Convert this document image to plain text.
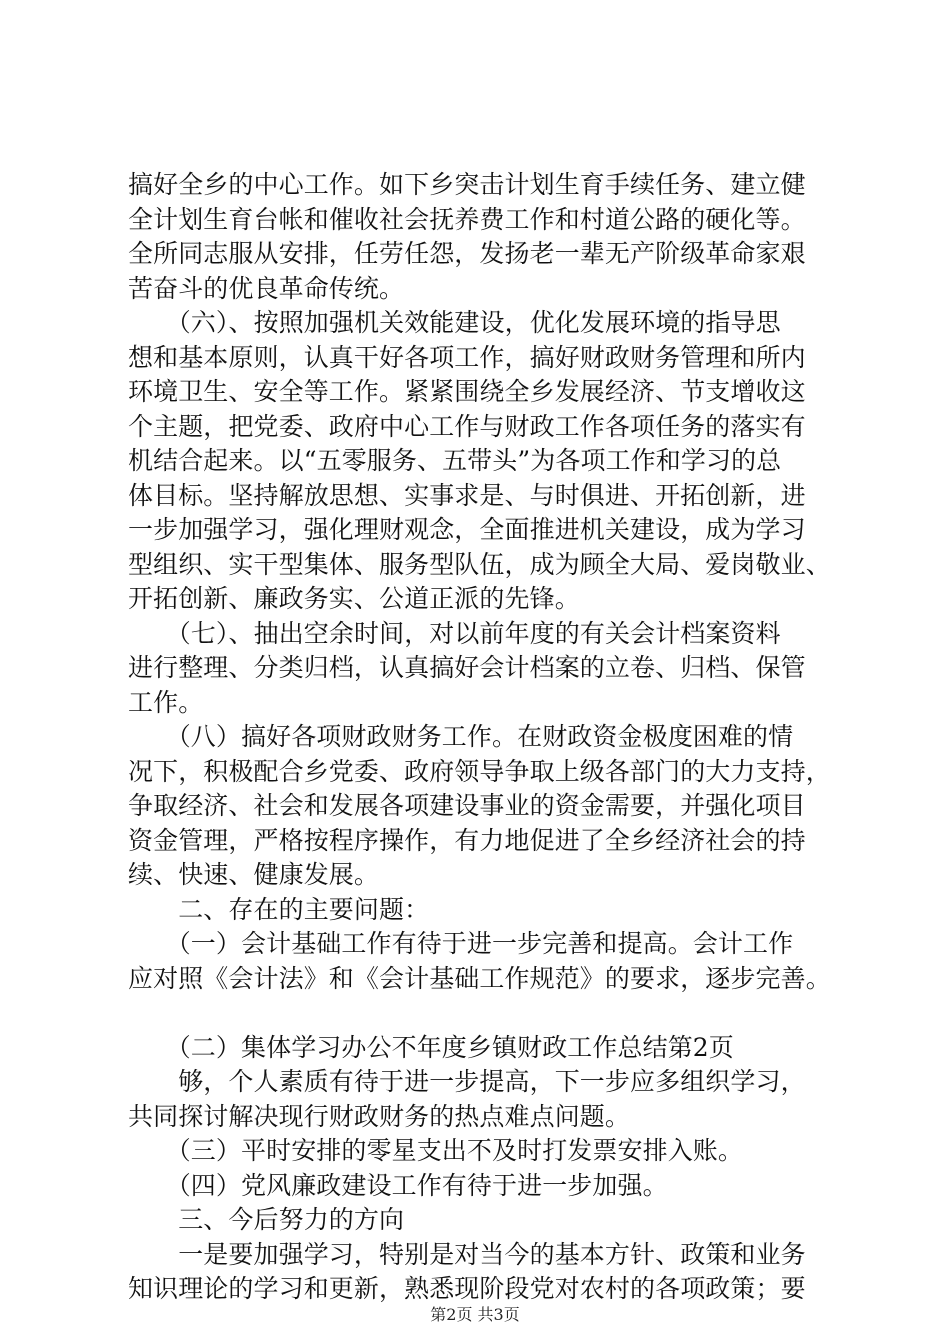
搞好全乡的中心工作。如下乡突击计划生育手续任务、建立健
全计划生育台帐和催收社会抚养费工作和村道公路的硬化等。
全所同志服从安排，任劳任怨，发扬老一辈无产阶级革命家艰
苦奋斗的优良革命传统。
　　（六）、按照加强机关效能建设，优化发展环境的指导思
想和基本原则，认真干好各项工作，搞好财政财务管理和所内
环境卫生、安全等工作。紧紧围绕全乡发展经济、节支增收这
个主题，把党委、政府中心工作与财政工作各项任务的落实有
机结合起来。以“五零服务、五带头”为各项工作和学习的总
体目标。坚持解放思想、实事求是、与时俱进、开拓创新，进
一步加强学习，强化理财观念，全面推进机关建设，成为学习
型组织、实干型集体、服务型队伍，成为顾全大局、爱岗敬业、
开拓创新、廉政务实、公道正派的先锋。
　　（七）、抽出空余时间，对以前年度的有关会计档案资料
进行整理、分类归档，认真搞好会计档案的立卷、归档、保管
工作。
　　（八）搞好各项财政财务工作。在财政资金极度困难的情
况下，积极配合乡党委、政府领导争取上级各部门的大力支持，
争取经济、社会和发展各项建设事业的资金需要，并强化项目
资金管理，严格按程序操作，有力地促进了全乡经济社会的持
续、快速、健康发展。
　　二、存在的主要问题：
　　（一）会计基础工作有待于进一步完善和提高。会计工作
应对照《会计法》和《会计基础工作规范》的要求，逐步完善。
　　（二）集体学习办公不年度乡镇财政工作总结第2页
　　够，个人素质有待于进一步提高，下一步应多组织学习，
共同探讨解决现行财政财务的热点难点问题。
　　（三）平时安排的零星支出不及时打发票安排入账。
　　（四）党风廉政建设工作有待于进一步加强。
　　三、今后努力的方向
　　一是要加强学习，特别是对当今的基本方针、政策和业务
知识理论的学习和更新，熟悉现阶段党对农村的各项政策；要
第2页 共3页
